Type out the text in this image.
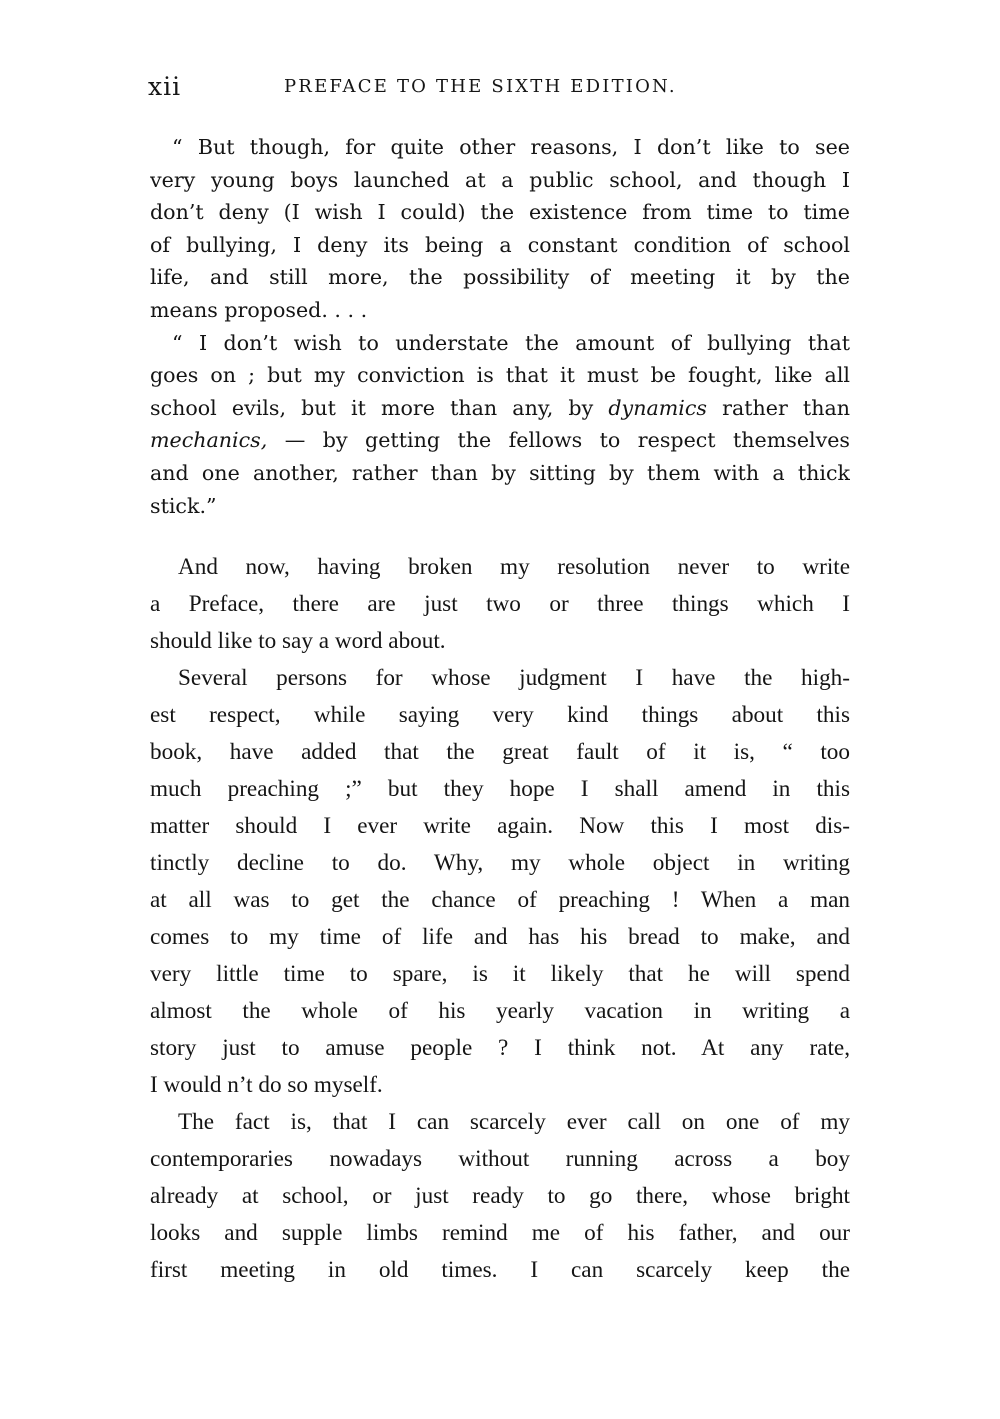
xii	PREFACE TO THE SIXTH EDITION.
“ But though, for quite other reasons, I don’t like to see
very young boys launched at a public school, and though I
don’t deny (I wish I could) the existence from time to time
of bullying, I deny its being a constant condition of school
life, and still more, the possibility of meeting it by the
means proposed. . . .
“ I don’t wish to understate the amount of bullying that
goes on ; but my conviction is that it must be fought, like all
school evils, but it more than any, by dynamics rather than
mechanics, — by getting the fellows to respect themselves
and one another, rather than by sitting by them with a thick
stick.”
And now, having broken my resolution never to write
a Preface, there are just two or three things which I
should like to say a word about.
Several persons for whose judgment I have the high-
est respect, while saying very kind things about this
book, have added that the great fault of it is, “ too
much preaching ;” but they hope I shall amend in this
matter should I ever write again. Now this I most dis-
tinctly decline to do. Why, my whole object in writing
at all was to get the chance of preaching ! When a man
comes to my time of life and has his bread to make, and
very little time to spare, is it likely that he will spend
almost the whole of his yearly vacation in writing a
story just to amuse people ? I think not. At any rate,
I would n’t do so myself.
The fact is, that I can scarcely ever call on one of my
contemporaries nowadays without running across a boy
already at school, or just ready to go there, whose bright
looks and supple limbs remind me of his father, and our
first meeting in old times. I can scarcely keep the
